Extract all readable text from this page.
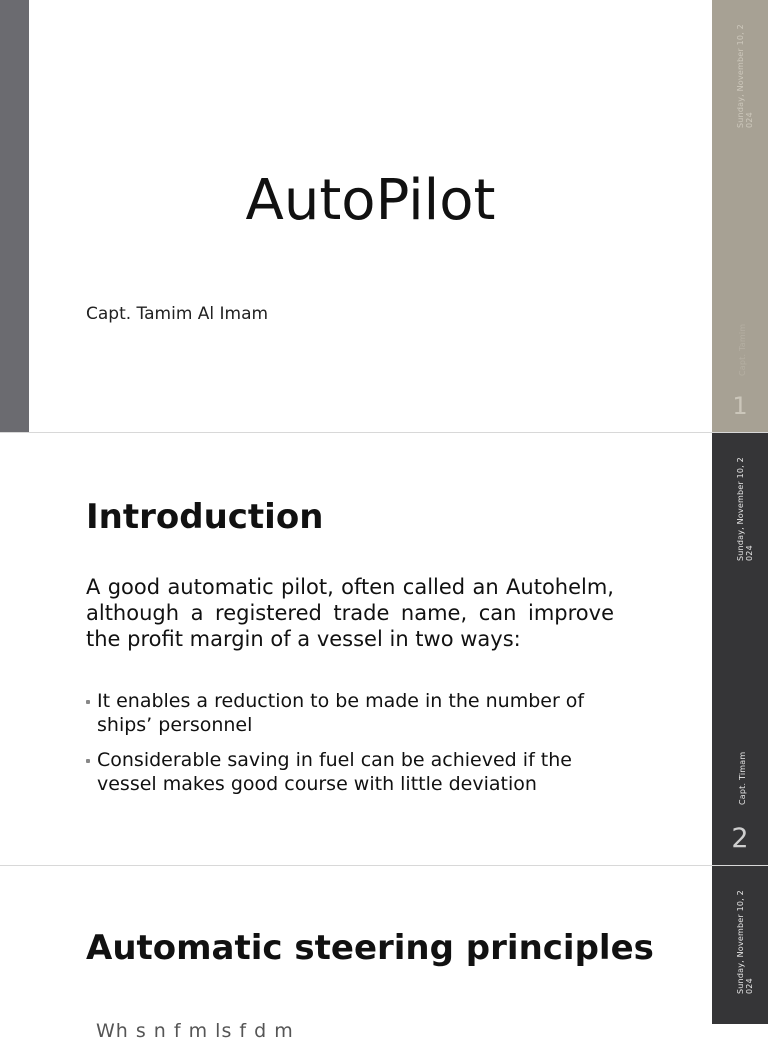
AutoPilot

Capt. Tamim Al Imam

Sunday, November 10, 2
024
Capt. Tamim
1
Introduction

A good automatic pilot, often called an Autohelm, although a registered trade name, can improve the profit margin of a vessel in two ways:

It enables a reduction to be made in the number of ships’ personnel
Considerable saving in fuel can be achieved if the vessel makes good course with little deviation
Sunday, November 10, 2
024
Capt. Timam
2
Automatic steering principles
Wh s n f m ls f d m
Sunday, November 10, 2
024
